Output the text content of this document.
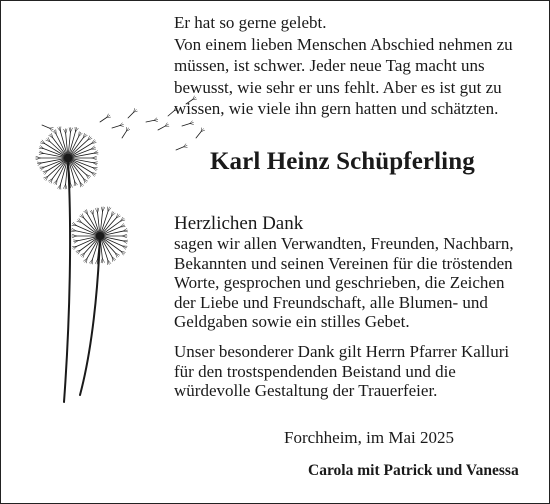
Er hat so gerne gelebt.
Von einem lieben Menschen Abschied nehmen zu
müssen, ist schwer. Jeder neue Tag macht uns
bewusst, wie sehr er uns fehlt. Aber es ist gut zu
wissen, wie viele ihn gern hatten und schätzten.
Karl Heinz Schüpferling
Herzlichen Dank
sagen wir allen Verwandten, Freunden, Nachbarn,
Bekannten und seinen Vereinen für die tröstenden
Worte, gesprochen und geschrieben, die Zeichen
der Liebe und Freundschaft, alle Blumen- und
Geldgaben sowie ein stilles Gebet.
Unser besonderer Dank gilt Herrn Pfarrer Kalluri
für den trostspendenden Beistand und die
würdevolle Gestaltung der Trauerfeier.
Forchheim, im Mai 2025
Carola mit Patrick und Vanessa
